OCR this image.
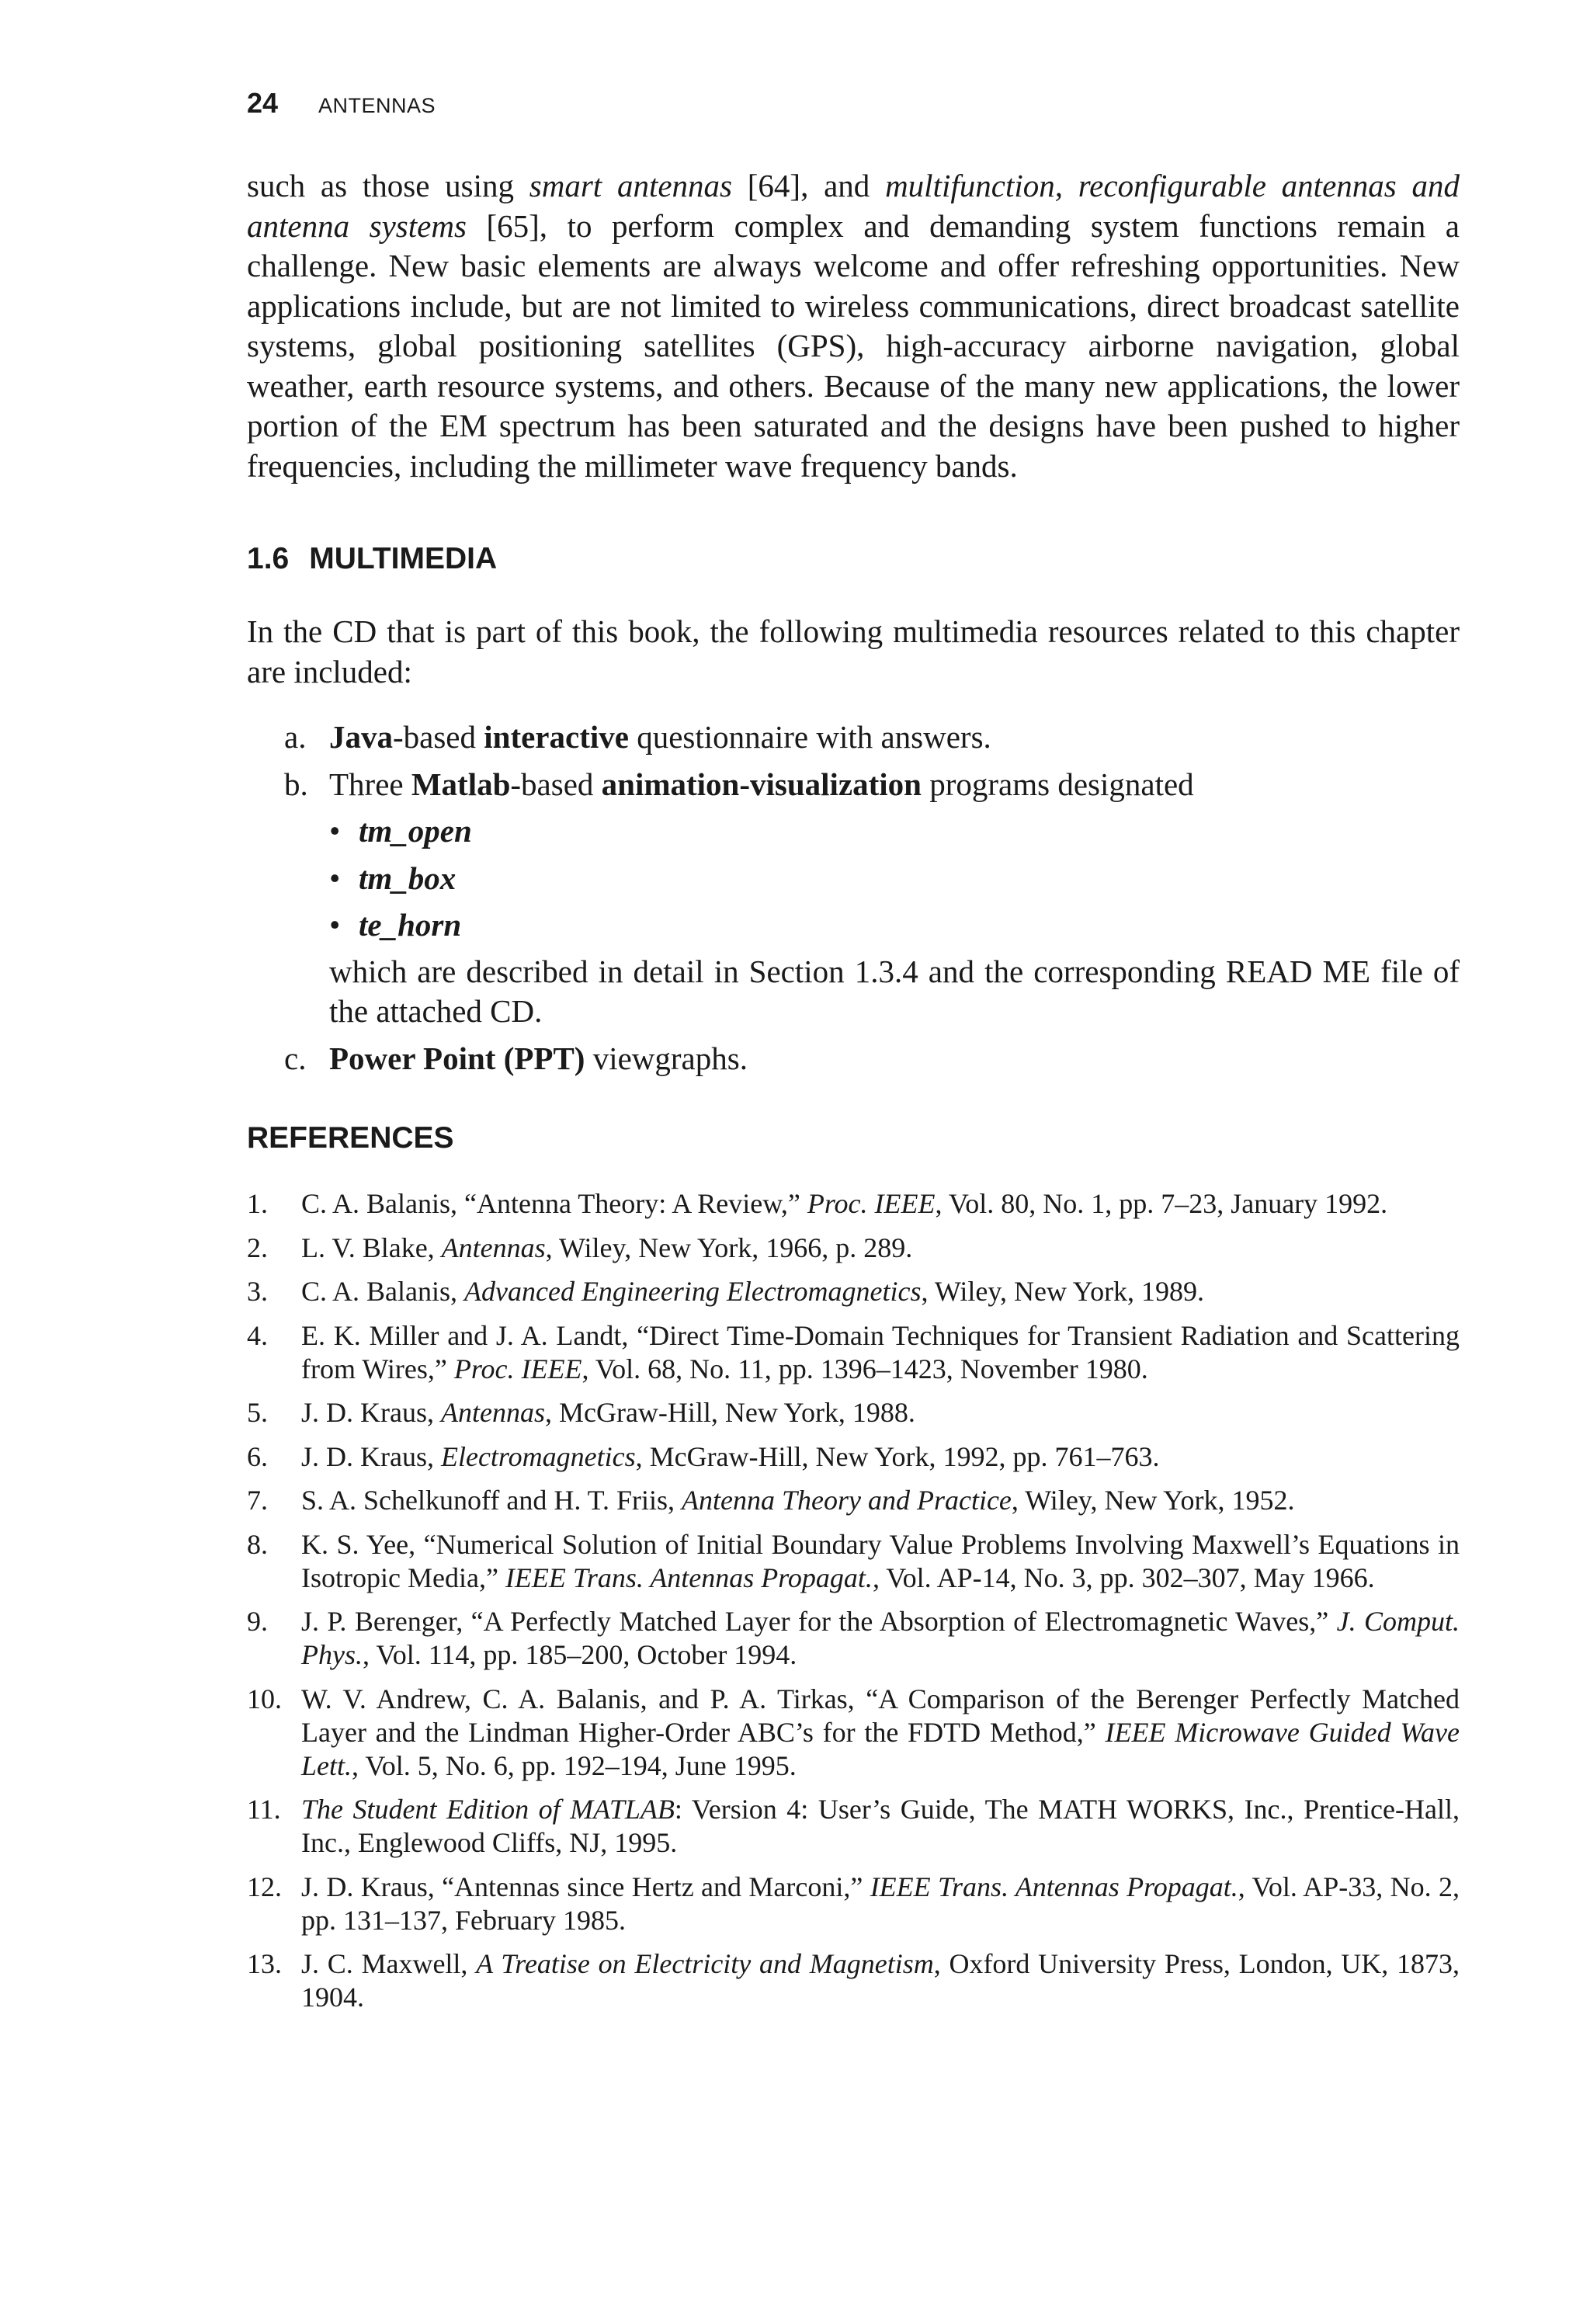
24 ANTENNAS
such as those using smart antennas [64], and multifunction, reconfigurable antennas and antenna systems [65], to perform complex and demanding system functions remain a challenge. New basic elements are always welcome and offer refreshing opportunities. New applications include, but are not limited to wireless communications, direct broadcast satellite systems, global positioning satellites (GPS), high-accuracy airborne navigation, global weather, earth resource systems, and others. Because of the many new applications, the lower portion of the EM spectrum has been saturated and the designs have been pushed to higher frequencies, including the millimeter wave frequency bands.
1.6 MULTIMEDIA
In the CD that is part of this book, the following multimedia resources related to this chapter are included:
a. Java-based interactive questionnaire with answers.
b. Three Matlab-based animation-visualization programs designated
• tm_open
• tm_box
• te_horn
which are described in detail in Section 1.3.4 and the corresponding READ ME file of the attached CD.
c. Power Point (PPT) viewgraphs.
REFERENCES
1.	C. A. Balanis, “Antenna Theory: A Review,” Proc. IEEE, Vol. 80, No. 1, pp. 7–23, January 1992.
2.	L. V. Blake, Antennas, Wiley, New York, 1966, p. 289.
3.	C. A. Balanis, Advanced Engineering Electromagnetics, Wiley, New York, 1989.
4.	E. K. Miller and J. A. Landt, “Direct Time-Domain Techniques for Transient Radiation and Scattering from Wires,” Proc. IEEE, Vol. 68, No. 11, pp. 1396–1423, November 1980.
5.	J. D. Kraus, Antennas, McGraw-Hill, New York, 1988.
6.	J. D. Kraus, Electromagnetics, McGraw-Hill, New York, 1992, pp. 761–763.
7.	S. A. Schelkunoff and H. T. Friis, Antenna Theory and Practice, Wiley, New York, 1952.
8.	K. S. Yee, “Numerical Solution of Initial Boundary Value Problems Involving Maxwell’s Equations in Isotropic Media,” IEEE Trans. Antennas Propagat., Vol. AP-14, No. 3, pp. 302–307, May 1966.
9.	J. P. Berenger, “A Perfectly Matched Layer for the Absorption of Electromagnetic Waves,” J. Comput. Phys., Vol. 114, pp. 185–200, October 1994.
10. W. V. Andrew, C. A. Balanis, and P. A. Tirkas, “A Comparison of the Berenger Perfectly Matched Layer and the Lindman Higher-Order ABC’s for the FDTD Method,” IEEE Microwave Guided Wave Lett., Vol. 5, No. 6, pp. 192–194, June 1995.
11. The Student Edition of MATLAB: Version 4: User’s Guide, The MATH WORKS, Inc., Prentice-Hall, Inc., Englewood Cliffs, NJ, 1995.
12. J. D. Kraus, “Antennas since Hertz and Marconi,” IEEE Trans. Antennas Propagat., Vol. AP-33, No. 2, pp. 131–137, February 1985.
13. J. C. Maxwell, A Treatise on Electricity and Magnetism, Oxford University Press, London, UK, 1873, 1904.
